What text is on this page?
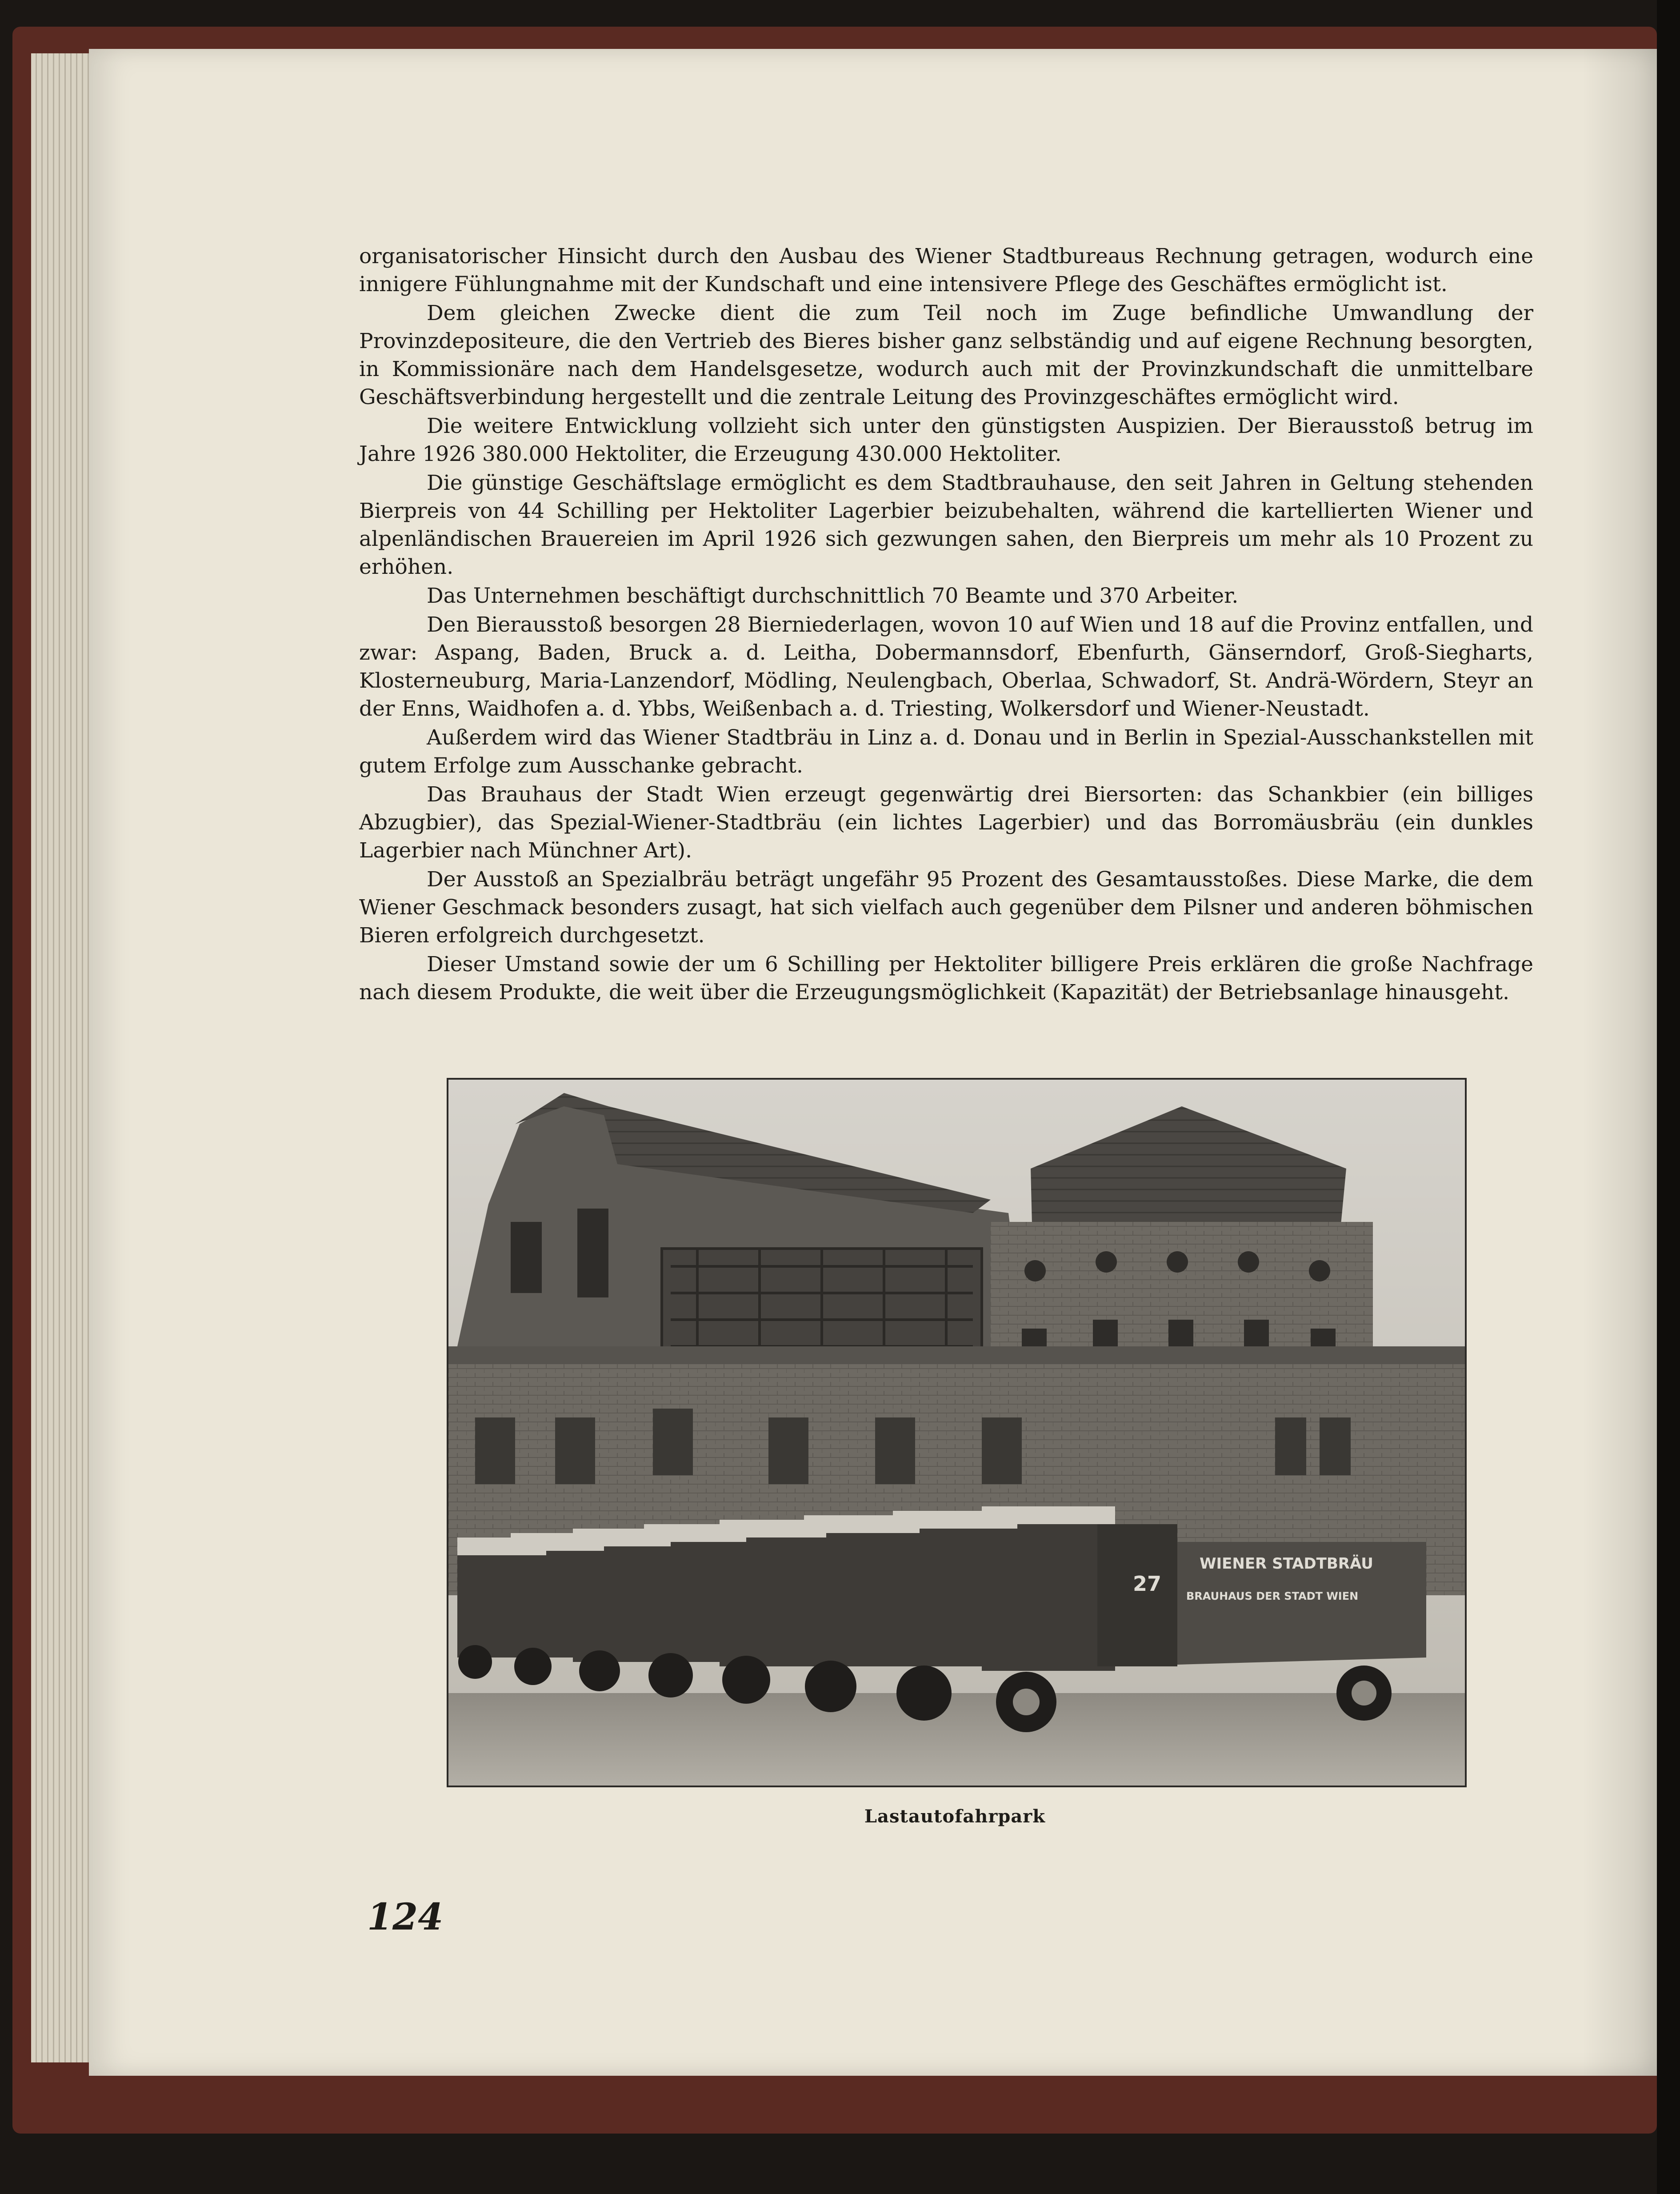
organisatorischer Hinsicht durch den Ausbau des Wiener Stadtbureaus Rechnung getragen, wodurch eine innigere Fühlungnahme mit der Kundschaft und eine intensivere Pflege des Geschäftes ermöglicht ist.

Dem gleichen Zwecke dient die zum Teil noch im Zuge befindliche Umwandlung der Provinzdepositeure, die den Vertrieb des Bieres bisher ganz selbständig und auf eigene Rechnung besorgten, in Kommissionäre nach dem Handelsgesetze, wodurch auch mit der Provinzkundschaft die unmittelbare Geschäftsverbindung hergestellt und die zentrale Leitung des Provinzgeschäftes ermöglicht wird.

Die weitere Entwicklung vollzieht sich unter den günstigsten Auspizien. Der Bierausstoß betrug im Jahre 1926 380.000 Hektoliter, die Erzeugung 430.000 Hektoliter.

Die günstige Geschäftslage ermöglicht es dem Stadtbrauhause, den seit Jahren in Geltung stehenden Bierpreis von 44 Schilling per Hektoliter Lagerbier beizubehalten, während die kartellierten Wiener und alpenländischen Brauereien im April 1926 sich gezwungen sahen, den Bierpreis um mehr als 10 Prozent zu erhöhen.

Das Unternehmen beschäftigt durchschnittlich 70 Beamte und 370 Arbeiter.

Den Bierausstoß besorgen 28 Bierniederlagen, wovon 10 auf Wien und 18 auf die Provinz entfallen, und zwar: Aspang, Baden, Bruck a. d. Leitha, Dobermannsdorf, Ebenfurth, Gänserndorf, Groß-Siegharts, Klosterneuburg, Maria-Lanzendorf, Mödling, Neulengbach, Oberlaa, Schwadorf, St. Andrä-Wördern, Steyr an der Enns, Waidhofen a. d. Ybbs, Weißenbach a. d. Triesting, Wolkersdorf und Wiener-Neustadt.

Außerdem wird das Wiener Stadtbräu in Linz a. d. Donau und in Berlin in Spezial-Ausschankstellen mit gutem Erfolge zum Ausschanke gebracht.

Das Brauhaus der Stadt Wien erzeugt gegenwärtig drei Biersorten: das Schankbier (ein billiges Abzugbier), das Spezial-Wiener-Stadtbräu (ein lichtes Lagerbier) und das Borromäusbräu (ein dunkles Lagerbier nach Münchner Art).

Der Ausstoß an Spezialbräu beträgt ungefähr 95 Prozent des Gesamtausstoßes. Diese Marke, die dem Wiener Geschmack besonders zusagt, hat sich vielfach auch gegenüber dem Pilsner und anderen böhmischen Bieren erfolgreich durchgesetzt.

Dieser Umstand sowie der um 6 Schilling per Hektoliter billigere Preis erklären die große Nachfrage nach diesem Produkte, die weit über die Erzeugungsmöglichkeit (Kapazität) der Betriebsanlage hinausgeht.

27
WIENER STADTBRÄU
BRAUHAUS DER STADT WIEN
Lastautofahrpark
124
